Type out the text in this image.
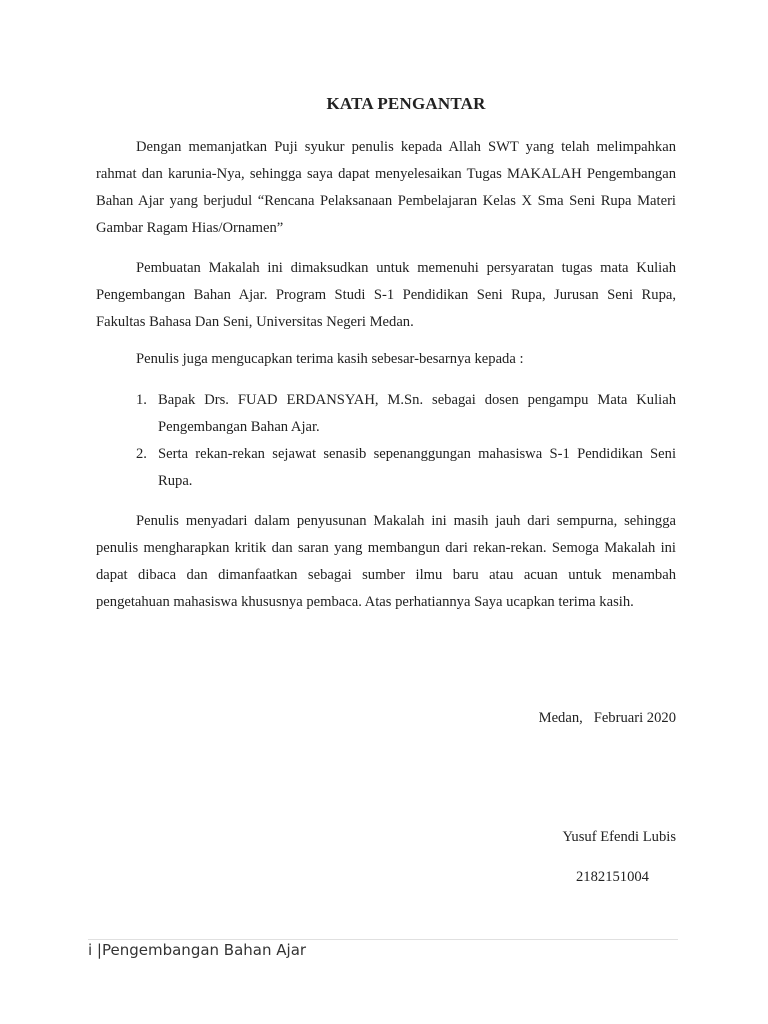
KATA PENGANTAR

Dengan memanjatkan Puji syukur penulis kepada Allah SWT yang telah melimpahkan rahmat dan karunia-Nya, sehingga saya dapat menyelesaikan Tugas MAKALAH Pengembangan Bahan Ajar yang berjudul “Rencana Pelaksanaan Pembelajaran Kelas X Sma Seni Rupa Materi Gambar Ragam Hias/Ornamen”

Pembuatan Makalah ini dimaksudkan untuk memenuhi persyaratan tugas mata Kuliah Pengembangan Bahan Ajar. Program Studi S-1 Pendidikan Seni Rupa, Jurusan Seni Rupa, Fakultas Bahasa Dan Seni, Universitas Negeri Medan.

Penulis juga mengucapkan terima kasih sebesar-besarnya kepada :

1. Bapak Drs. FUAD ERDANSYAH, M.Sn. sebagai dosen pengampu Mata Kuliah Pengembangan Bahan Ajar.
2. Serta rekan-rekan sejawat senasib sepenanggungan mahasiswa S-1 Pendidikan Seni Rupa.

Penulis menyadari dalam penyusunan Makalah ini masih jauh dari sempurna, sehingga penulis mengharapkan kritik dan saran yang membangun dari rekan-rekan. Semoga Makalah ini dapat dibaca dan dimanfaatkan sebagai sumber ilmu baru atau acuan untuk menambah pengetahuan mahasiswa khususnya pembaca. Atas perhatiannya Saya ucapkan terima kasih.

Medan,   Februari 2020

Yusuf Efendi Lubis

2182151004

i |Pengembangan Bahan Ajar
